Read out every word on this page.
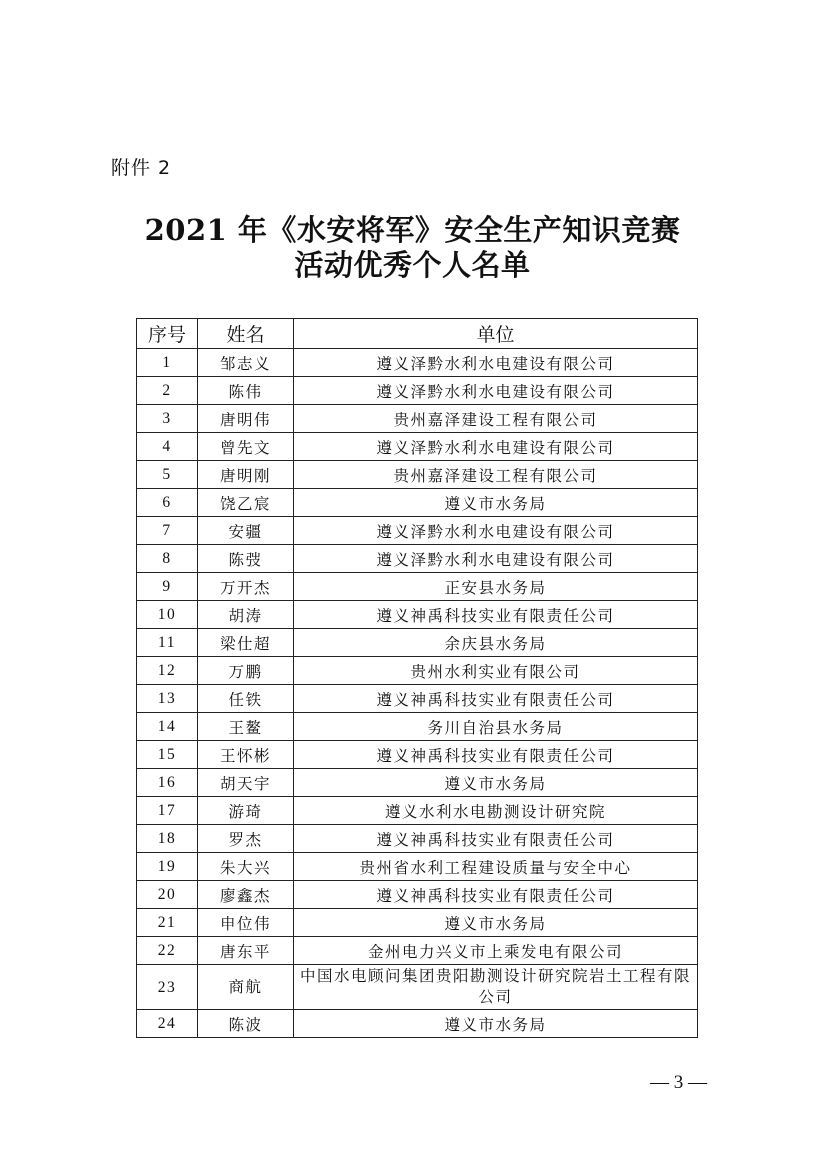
附件 2
2021 年《水安将军》安全生产知识竞赛
活动优秀个人名单
序号	姓名	单位
1	邹志义	遵义泽黔水利水电建设有限公司
2	陈伟	遵义泽黔水利水电建设有限公司
3	唐明伟	贵州嘉泽建设工程有限公司
4	曾先文	遵义泽黔水利水电建设有限公司
5	唐明刚	贵州嘉泽建设工程有限公司
6	饶乙宸	遵义市水务局
7	安疆	遵义泽黔水利水电建设有限公司
8	陈弢	遵义泽黔水利水电建设有限公司
9	万开杰	正安县水务局
10	胡涛	遵义神禹科技实业有限责任公司
11	梁仕超	余庆县水务局
12	万鹏	贵州水利实业有限公司
13	任铁	遵义神禹科技实业有限责任公司
14	王鳌	务川自治县水务局
15	王怀彬	遵义神禹科技实业有限责任公司
16	胡天宇	遵义市水务局
17	游琦	遵义水利水电勘测设计研究院
18	罗杰	遵义神禹科技实业有限责任公司
19	朱大兴	贵州省水利工程建设质量与安全中心
20	廖鑫杰	遵义神禹科技实业有限责任公司
21	申位伟	遵义市水务局
22	唐东平	金州电力兴义市上乘发电有限公司
23	商航	中国水电顾问集团贵阳勘测设计研究院岩土工程有限公司
24	陈波	遵义市水务局
— 3 —
